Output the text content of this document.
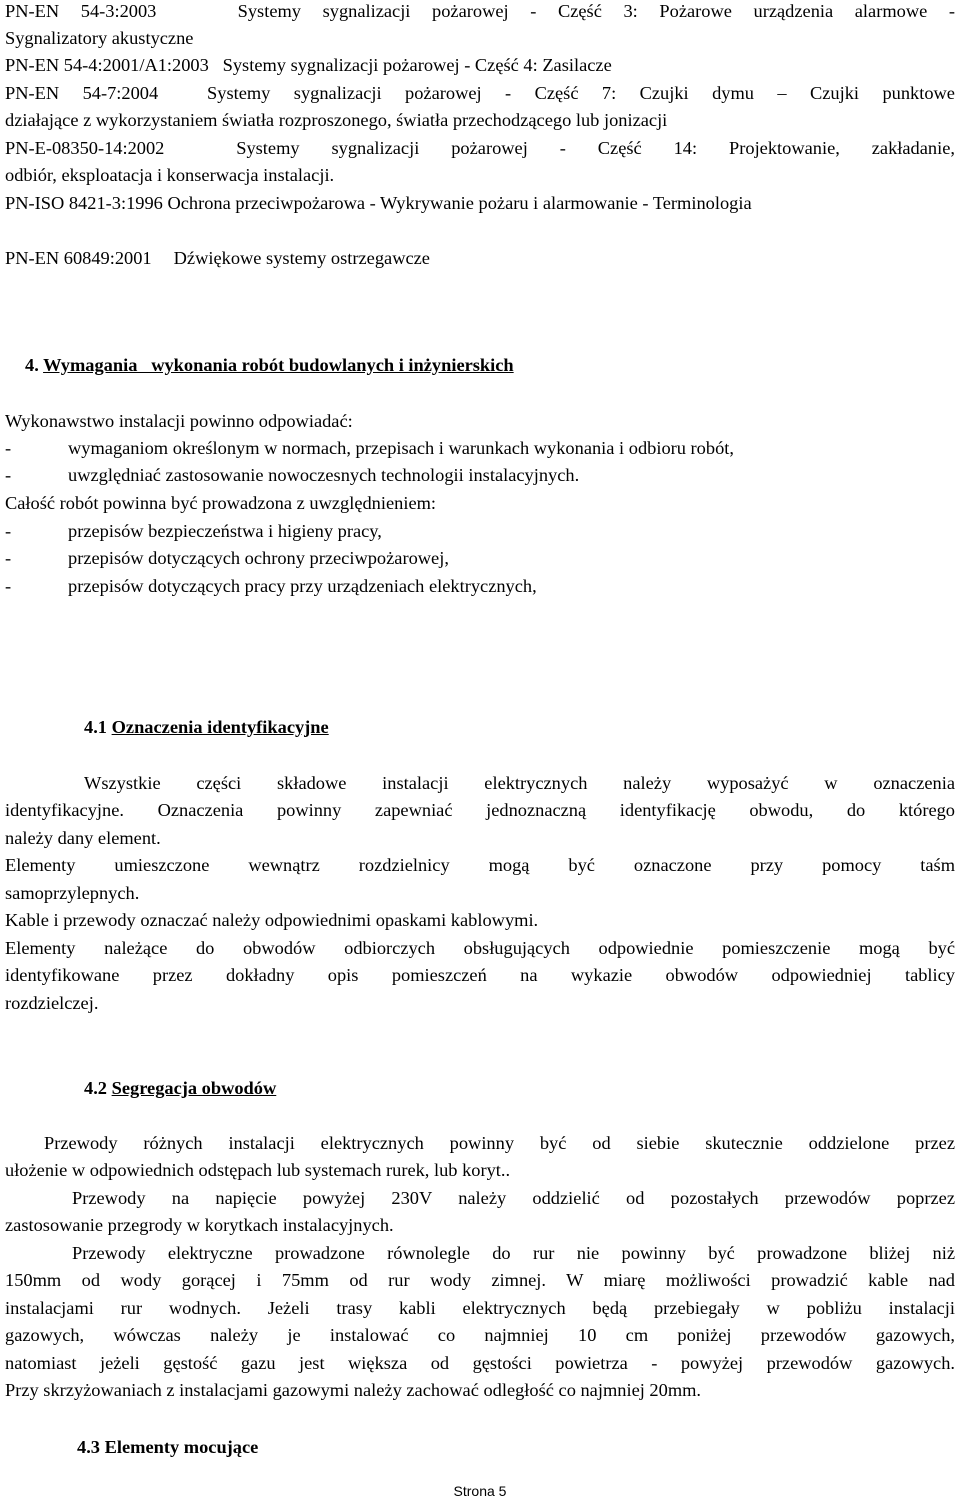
PN-EN 54-3:2003	Systemy sygnalizacji pożarowej - Część 3: Pożarowe urządzenia alarmowe -
Sygnalizatory akustyczne
PN-EN 54-4:2001/A1:2003 Systemy sygnalizacji pożarowej - Część 4: Zasilacze
PN-EN 54-7:2004	Systemy sygnalizacji pożarowej - Część 7: Czujki dymu – Czujki punktowe
działające z wykorzystaniem światła rozproszonego, światła przechodzącego lub jonizacji
PN-E-08350-14:2002	Systemy sygnalizacji pożarowej - Część 14: Projektowanie, zakładanie,
odbiór, eksploatacja i konserwacja instalacji.
PN-ISO 8421-3:1996 Ochrona przeciwpożarowa - Wykrywanie pożaru i alarmowanie - Terminologia
PN-EN 60849:2001 Dźwiękowe systemy ostrzegawcze
4. Wymagania   wykonania robót budowlanych i inżynierskich
Wykonawstwo instalacji powinno odpowiadać:
-	wymaganiom określonym w normach, przepisach i warunkach wykonania i odbioru robót,
-	uwzględniać zastosowanie nowoczesnych technologii instalacyjnych.
Całość robót powinna być prowadzona z uwzględnieniem:
-	przepisów bezpieczeństwa i higieny pracy,
-	przepisów dotyczących ochrony przeciwpożarowej,
-	przepisów dotyczących pracy przy urządzeniach elektrycznych,
4.1 Oznaczenia identyfikacyjne
Wszystkie części składowe instalacji elektrycznych należy wyposażyć w oznaczenia
identyfikacyjne. Oznaczenia powinny zapewniać jednoznaczną identyfikację obwodu, do którego
należy dany element.
Elementy umieszczone wewnątrz rozdzielnicy mogą być oznaczone przy pomocy taśm
samoprzylepnych.
Kable i przewody oznaczać należy odpowiednimi opaskami kablowymi.
Elementy należące do obwodów odbiorczych obsługujących odpowiednie pomieszczenie mogą być
identyfikowane przez dokładny opis pomieszczeń na wykazie obwodów odpowiedniej tablicy
rozdzielczej.
4.2 Segregacja obwodów
Przewody różnych instalacji elektrycznych powinny być od siebie skutecznie oddzielone przez
ułożenie w odpowiednich odstępach lub systemach rurek, lub koryt..
Przewody na napięcie powyżej 230V należy oddzielić od pozostałych przewodów poprzez
zastosowanie przegrody w korytkach instalacyjnych.
Przewody elektryczne prowadzone równolegle do rur nie powinny być prowadzone bliżej niż
150mm od wody gorącej i 75mm od rur wody zimnej. W miarę możliwości prowadzić kable nad
instalacjami rur wodnych. Jeżeli trasy kabli elektrycznych będą przebiegały w pobliżu instalacji
gazowych, wówczas należy je instalować co najmniej 10 cm poniżej przewodów gazowych,
natomiast jeżeli gęstość gazu jest większa od gęstości powietrza - powyżej przewodów gazowych.
Przy skrzyżowaniach z instalacjami gazowymi należy zachować odległość co najmniej 20mm.
4.3 Elementy mocujące
Strona 5
